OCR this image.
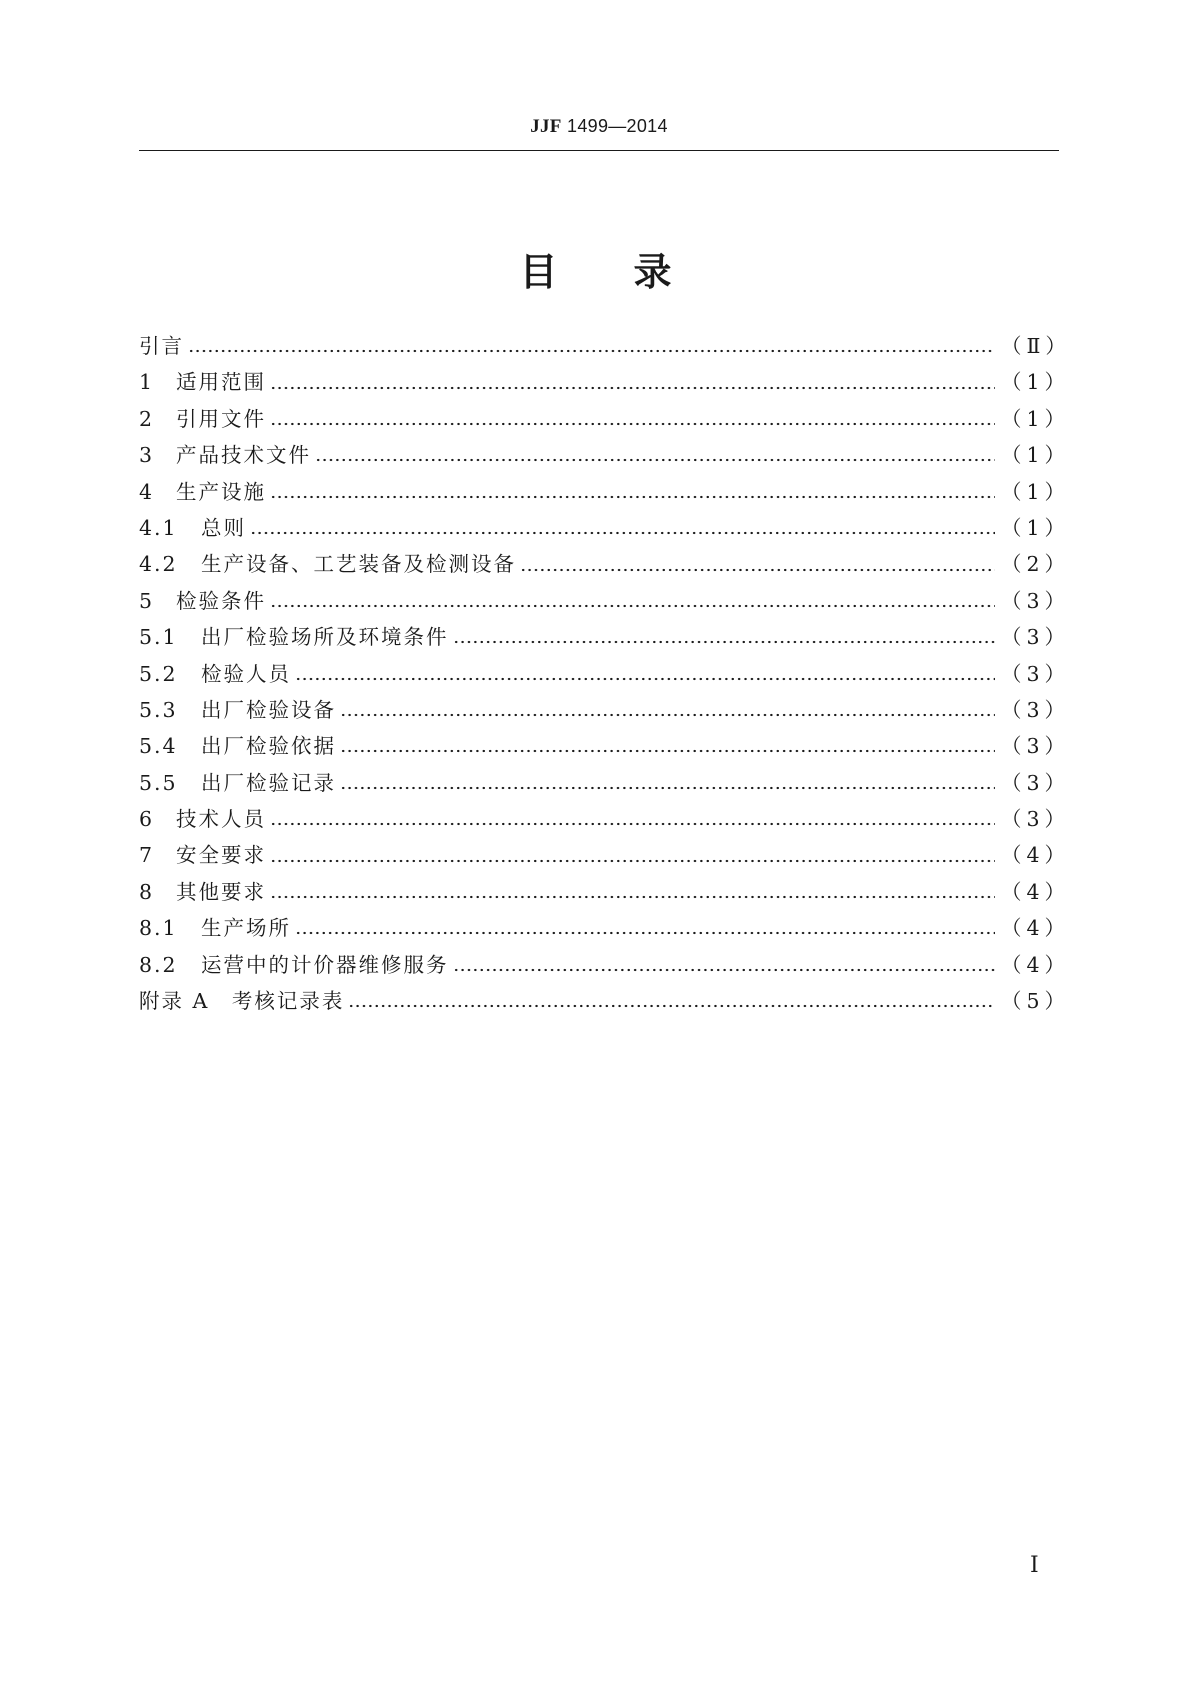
JJF 1499—2014
目　　录
引言	（Ⅱ）
1	适用范围	（1）
2	引用文件	（1）
3	产品技术文件	（1）
4	生产设施	（1）
4.1	总则	（1）
4.2	生产设备、工艺装备及检测设备	（2）
5	检验条件	（3）
5.1	出厂检验场所及环境条件	（3）
5.2	检验人员	（3）
5.3	出厂检验设备	（3）
5.4	出厂检验依据	（3）
5.5	出厂检验记录	（3）
6	技术人员	（3）
7	安全要求	（4）
8	其他要求	（4）
8.1	生产场所	（4）
8.2	运营中的计价器维修服务	（4）
附录 A　考核记录表	（5）
Ⅰ
